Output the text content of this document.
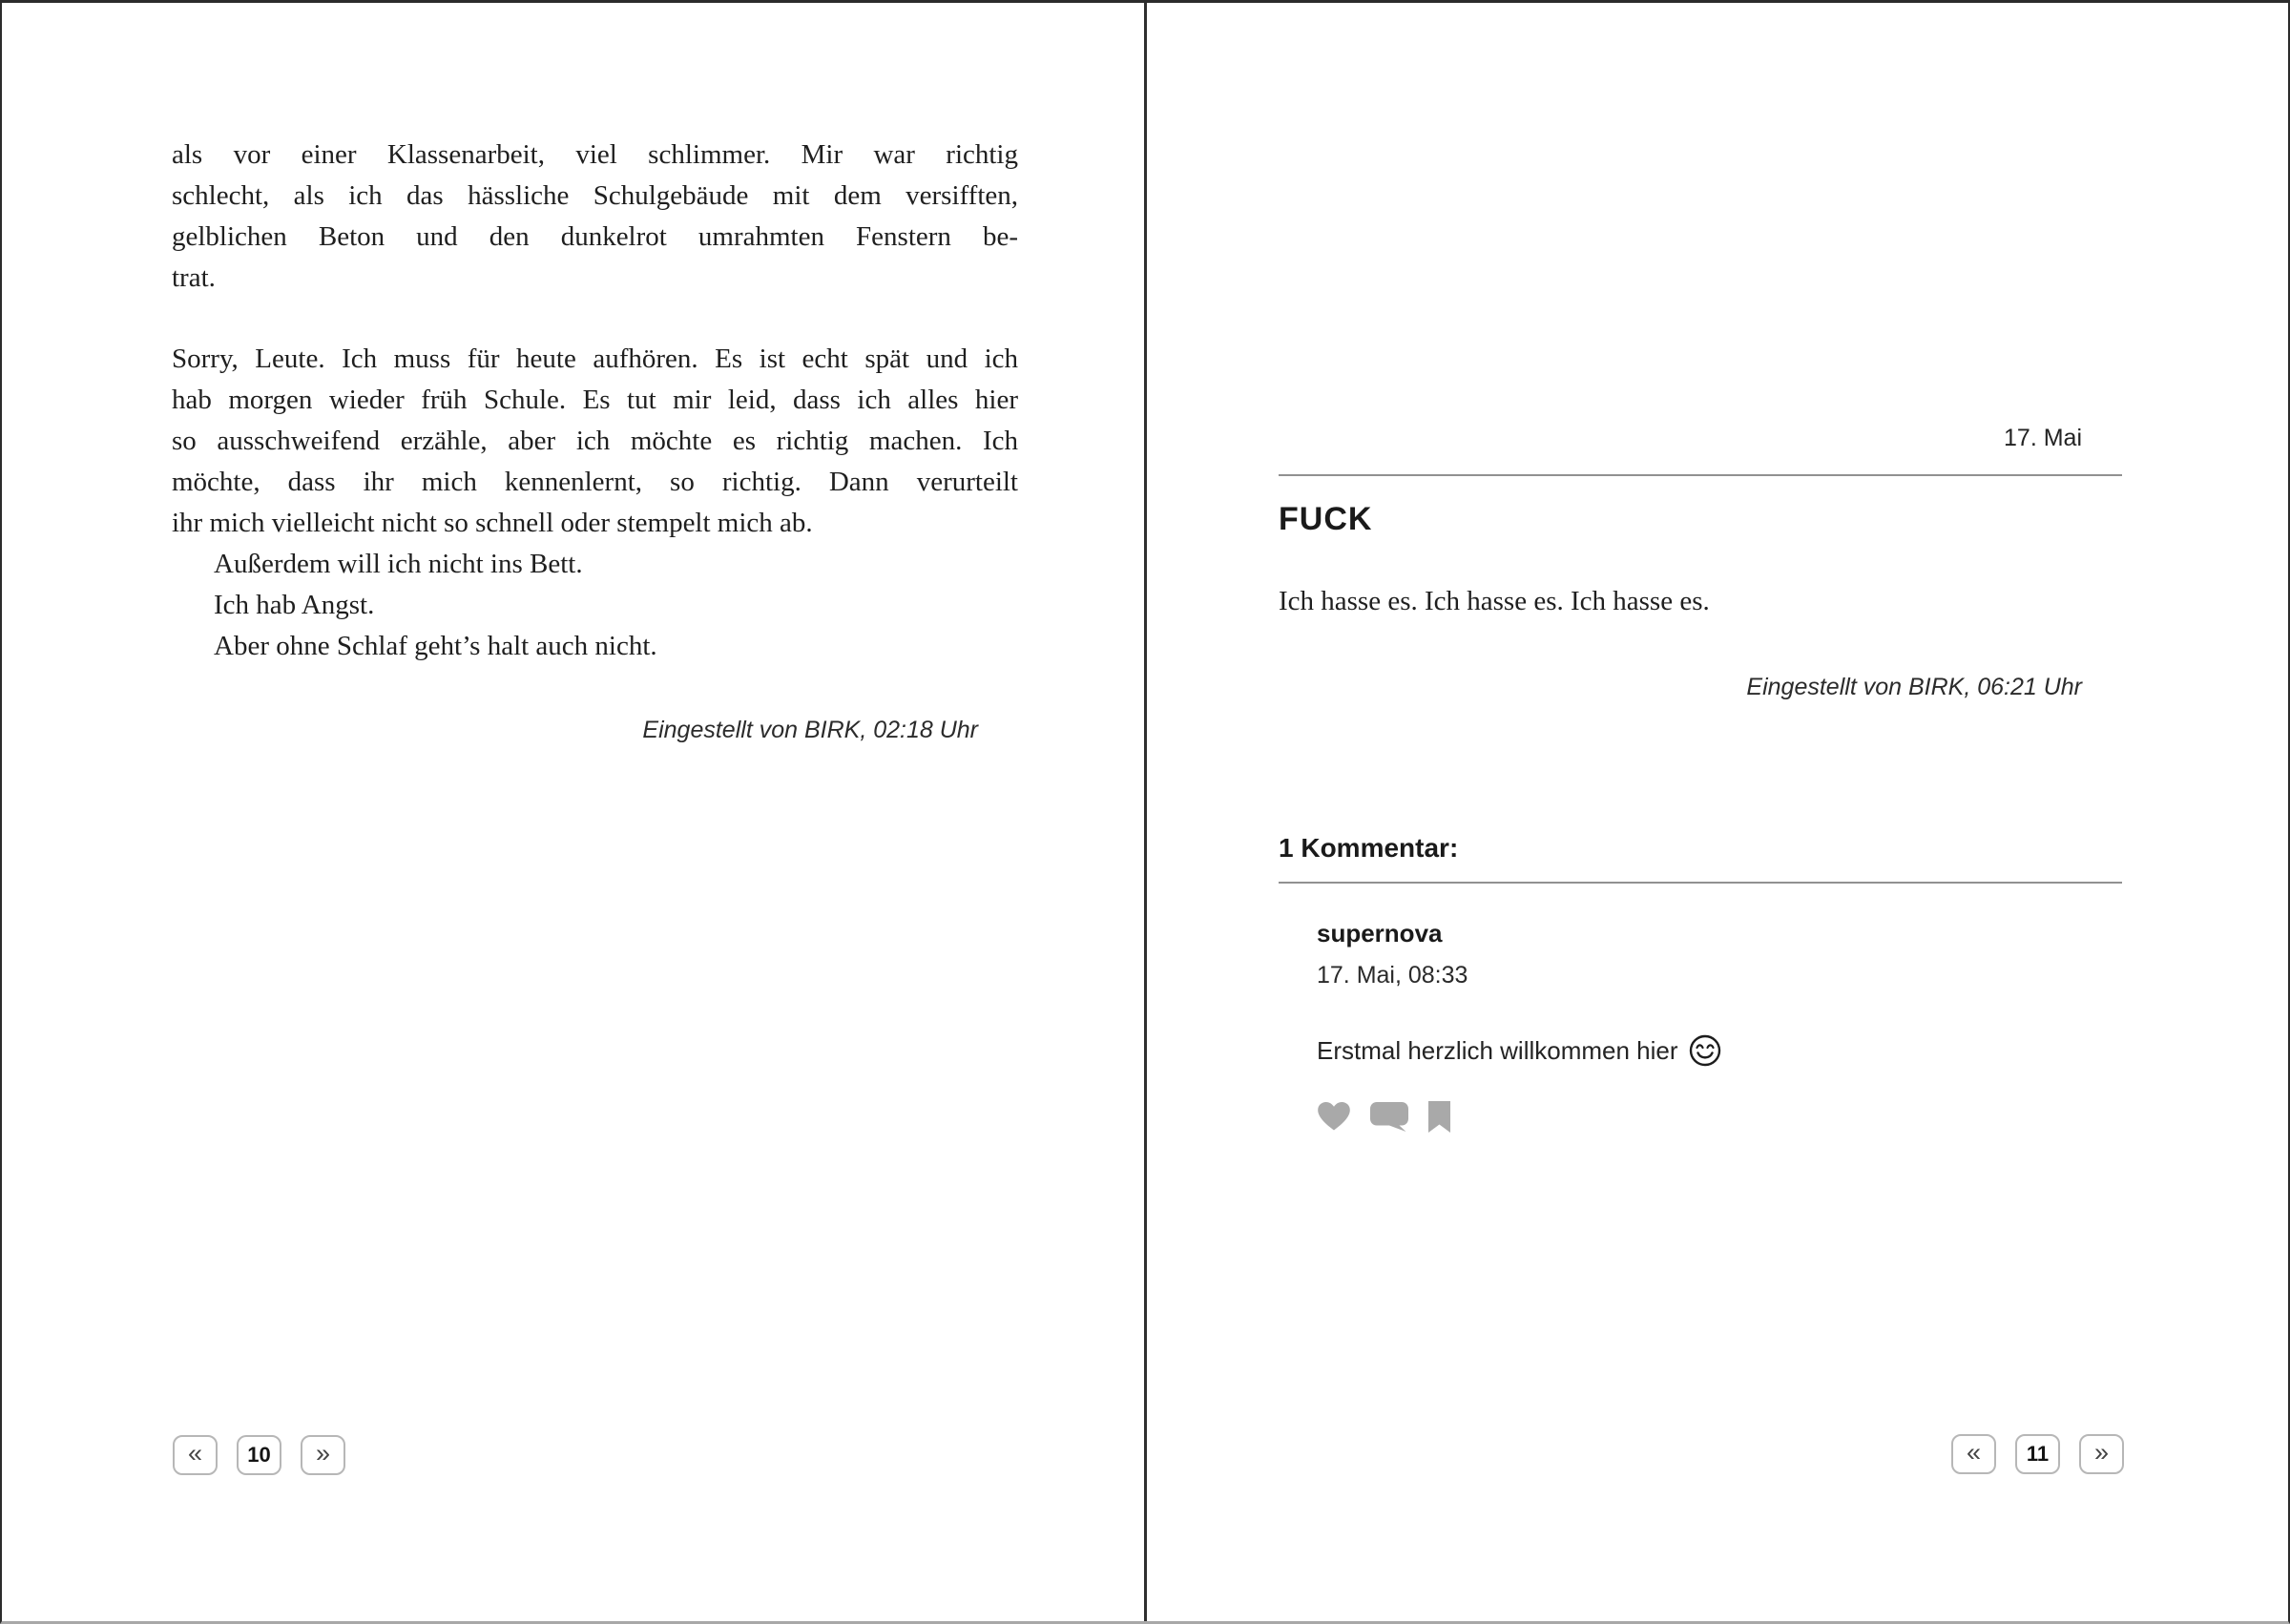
als vor einer Klassenarbeit, viel schlimmer. Mir war richtig
schlecht, als ich das hässliche Schulgebäude mit dem versifften,
gelblichen Beton und den dunkelrot umrahmten Fenstern be-
trat.
Sorry, Leute. Ich muss für heute aufhören. Es ist echt spät und ich
hab morgen wieder früh Schule. Es tut mir leid, dass ich alles hier
so ausschweifend erzähle, aber ich möchte es richtig machen. Ich
möchte, dass ihr mich kennenlernt, so richtig. Dann verurteilt
ihr mich vielleicht nicht so schnell oder stempelt mich ab.
Außerdem will ich nicht ins Bett.
Ich hab Angst.
Aber ohne Schlaf geht’s halt auch nicht.
Eingestellt von BIRK, 02:18 Uhr
«	10	»
17. Mai
FUCK
Ich hasse es. Ich hasse es. Ich hasse es.
Eingestellt von BIRK, 06:21 Uhr
1 Kommentar:
supernova
17. Mai, 08:33
Erstmal herzlich willkommen hier
«	11	»
